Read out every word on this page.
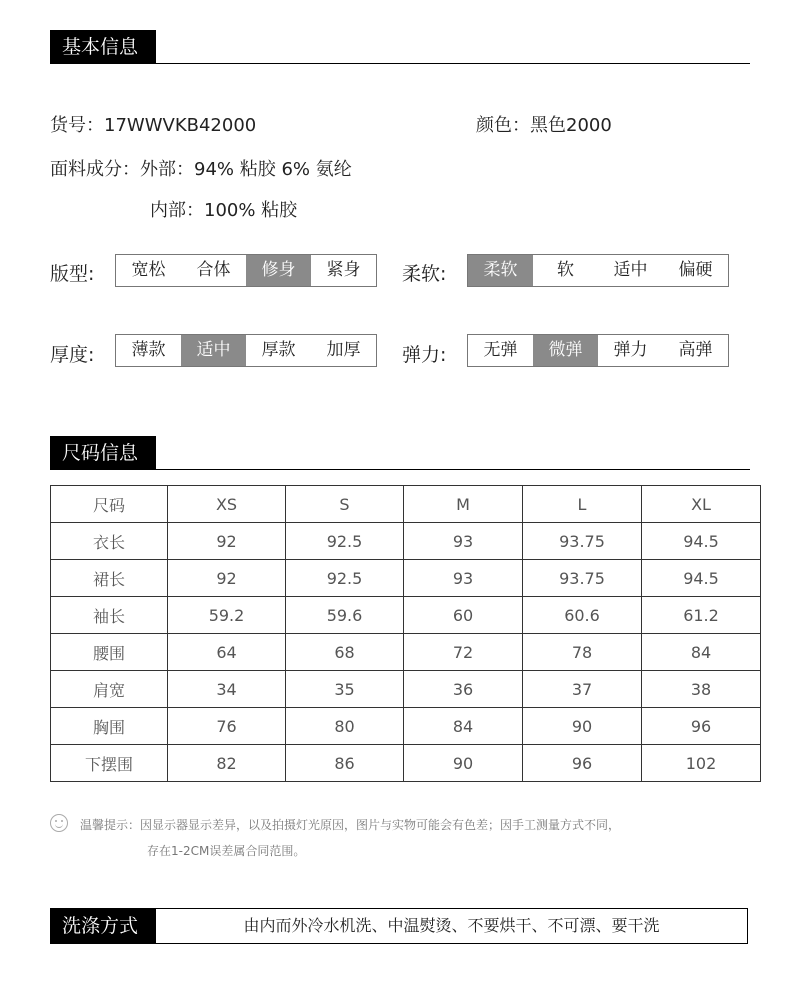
基本信息
货号：17WWVKB42000	颜色：黑色2000
面料成分：外部：94% 粘胶 6% 氨纶
内部：100% 粘胶
版型:	宽松	合体	修身	紧身	柔软:	柔软	软	适中	偏硬
厚度:	薄款	适中	厚款	加厚	弹力:	无弹	微弹	弹力	高弹
尺码信息
尺码	XS	S	M	L	XL
衣长	92	92.5	93	93.75	94.5
裙长	92	92.5	93	93.75	94.5
袖长	59.2	59.6	60	60.6	61.2
腰围	64	68	72	78	84
肩宽	34	35	36	37	38
胸围	76	80	84	90	96
下摆围	82	86	90	96	102
温馨提示：因显示器显示差异，以及拍摄灯光原因，图片与实物可能会有色差；因手工测量方式不同，
存在1-2CM误差属合同范围。
洗涤方式	由内而外冷水机洗、中温熨烫、不要烘干、不可漂、要干洗
